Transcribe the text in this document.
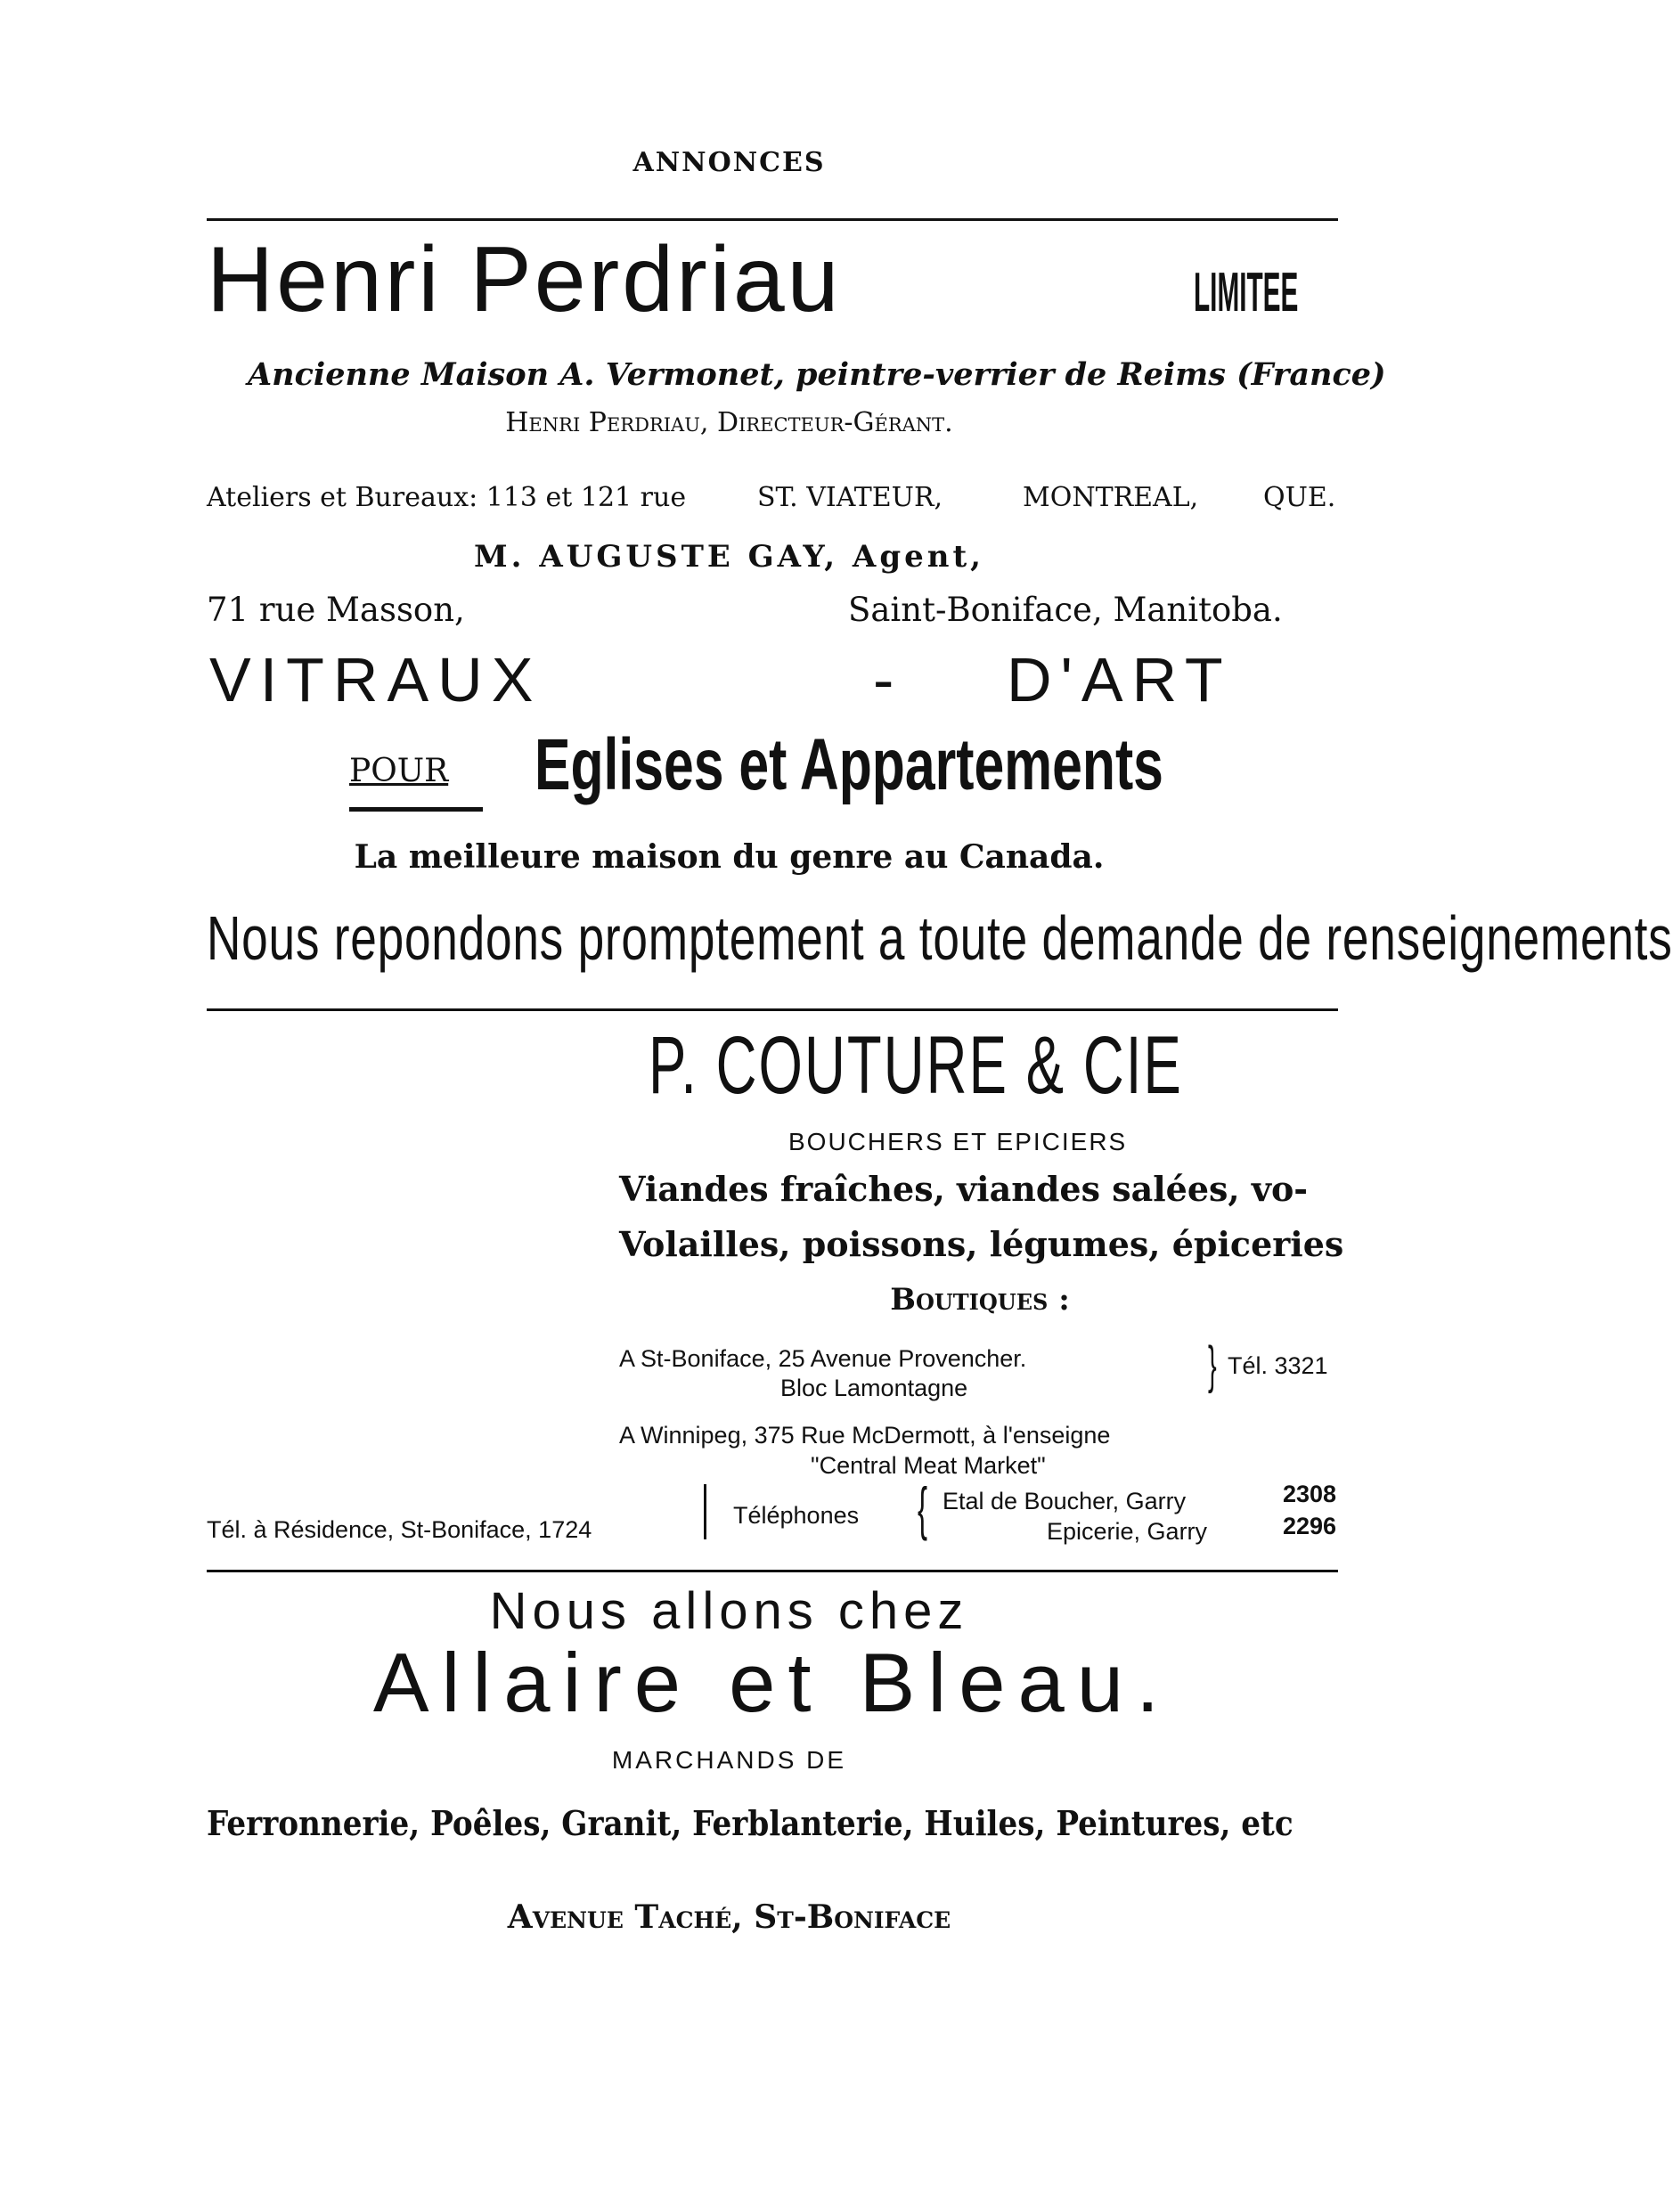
ANNONCES
Henri Perdriau	LIMITEE
Ancienne Maison A. Vermonet, peintre-verrier de Reims (France)
Henri Perdriau, Directeur-Gérant.
Ateliers et Bureaux: 113 et 121 rue	ST. VIATEUR,	MONTREAL, QUE.
M. AUGUSTE GAY, Agent,
71 rue Masson,	Saint-Boniface, Manitoba.
VITRAUX	- D'ART
POUR Eglises et Appartements
La meilleure maison du genre au Canada.
Nous repondons promptement a toute demande de renseignements
P. COUTURE & CIE
BOUCHERS ET EPICIERS
Viandes fraîches, viandes salées, vo-
Volailles, poissons, légumes, épiceries
Boutiques :
A St-Boniface, 25 Avenue Provencher.
Bloc Lamontagne	} Tél. 3321
A Winnipeg, 375 Rue McDermott, à l'enseigne
"Central Meat Market"
Tél. à Résidence, St-Boniface, 1724
Téléphones { Etal de Boucher, Garry	2308
Epicerie, Garry	2296
Nous allons chez
Allaire et Bleau.
MARCHANDS DE
Ferronnerie, Poêles, Granit, Ferblanterie, Huiles, Peintures, etc
Avenue Taché, St-Boniface
